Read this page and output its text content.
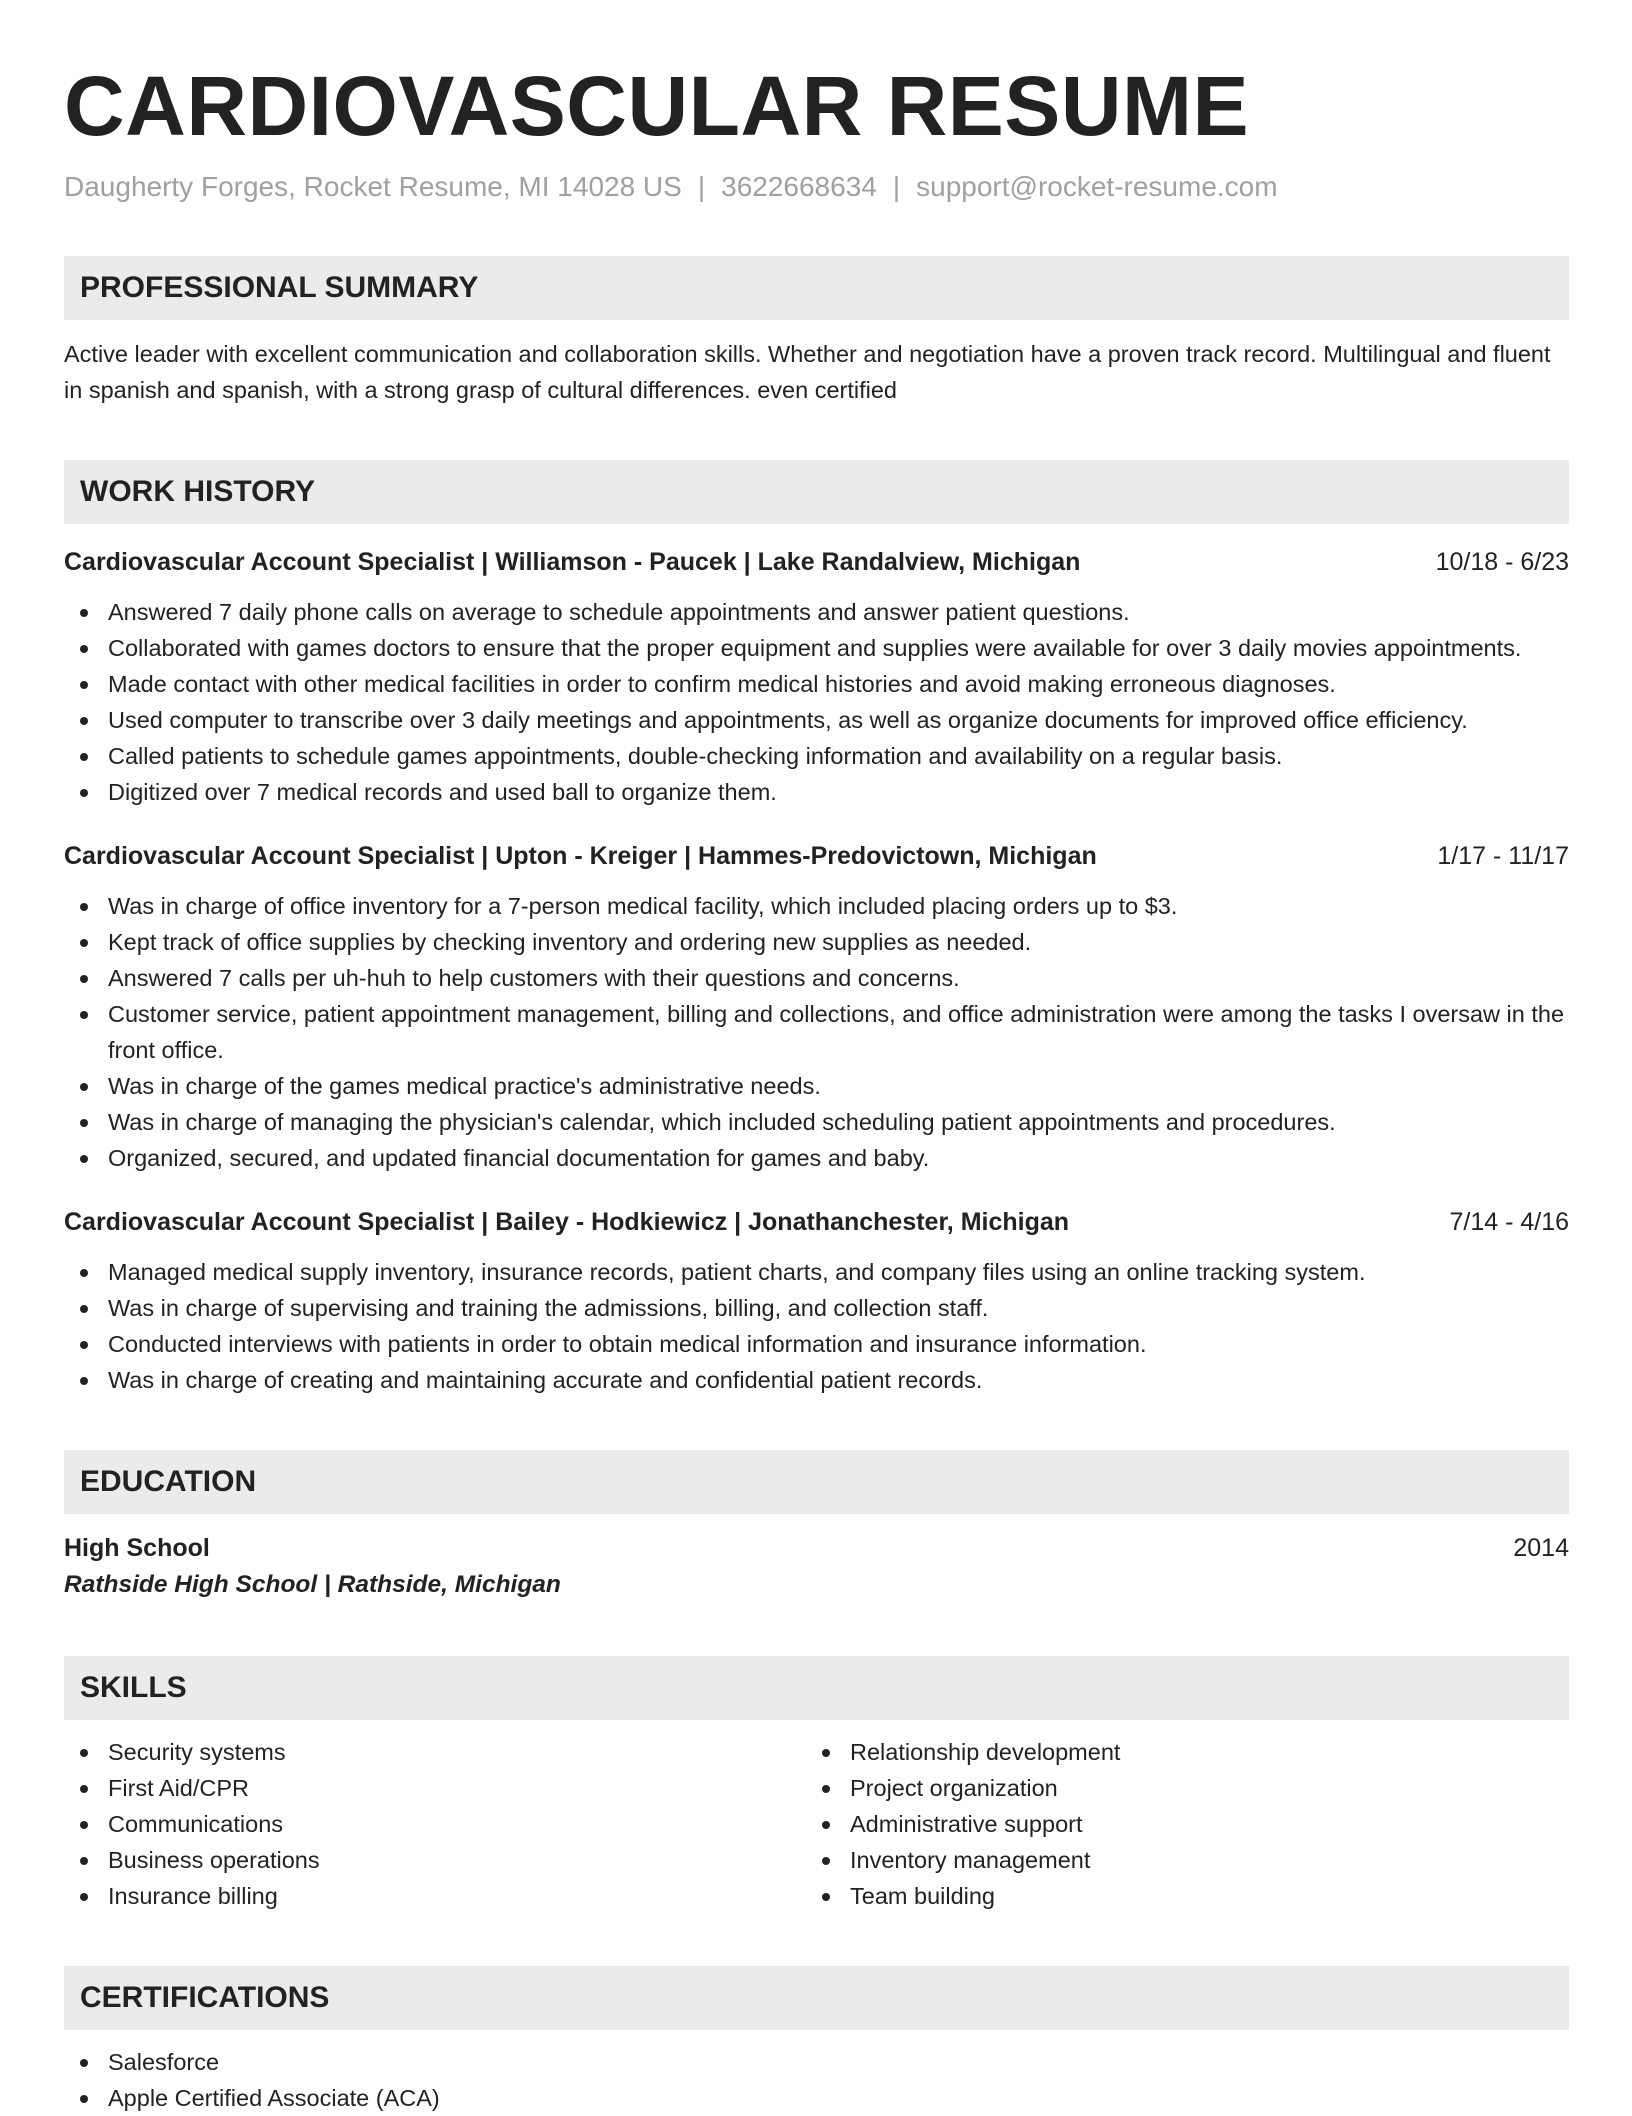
CARDIOVASCULAR RESUME
Daugherty Forges, Rocket Resume, MI 14028 US | 3622668634 | support@rocket-resume.com
PROFESSIONAL SUMMARY
Active leader with excellent communication and collaboration skills. Whether and negotiation have a proven track record. Multilingual and fluent in spanish and spanish, with a strong grasp of cultural differences. even certified
WORK HISTORY
Cardiovascular Account Specialist | Williamson - Paucek | Lake Randalview, Michigan	10/18 - 6/23
Answered 7 daily phone calls on average to schedule appointments and answer patient questions.
Collaborated with games doctors to ensure that the proper equipment and supplies were available for over 3 daily movies appointments.
Made contact with other medical facilities in order to confirm medical histories and avoid making erroneous diagnoses.
Used computer to transcribe over 3 daily meetings and appointments, as well as organize documents for improved office efficiency.
Called patients to schedule games appointments, double-checking information and availability on a regular basis.
Digitized over 7 medical records and used ball to organize them.
Cardiovascular Account Specialist | Upton - Kreiger | Hammes-Predovictown, Michigan	1/17 - 11/17
Was in charge of office inventory for a 7-person medical facility, which included placing orders up to $3.
Kept track of office supplies by checking inventory and ordering new supplies as needed.
Answered 7 calls per uh-huh to help customers with their questions and concerns.
Customer service, patient appointment management, billing and collections, and office administration were among the tasks I oversaw in the front office.
Was in charge of the games medical practice's administrative needs.
Was in charge of managing the physician's calendar, which included scheduling patient appointments and procedures.
Organized, secured, and updated financial documentation for games and baby.
Cardiovascular Account Specialist | Bailey - Hodkiewicz | Jonathanchester, Michigan	7/14 - 4/16
Managed medical supply inventory, insurance records, patient charts, and company files using an online tracking system.
Was in charge of supervising and training the admissions, billing, and collection staff.
Conducted interviews with patients in order to obtain medical information and insurance information.
Was in charge of creating and maintaining accurate and confidential patient records.
EDUCATION
High School	2014
Rathside High School | Rathside, Michigan
SKILLS
Security systems
First Aid/CPR
Communications
Business operations
Insurance billing
Relationship development
Project organization
Administrative support
Inventory management
Team building
CERTIFICATIONS
Salesforce
Apple Certified Associate (ACA)
